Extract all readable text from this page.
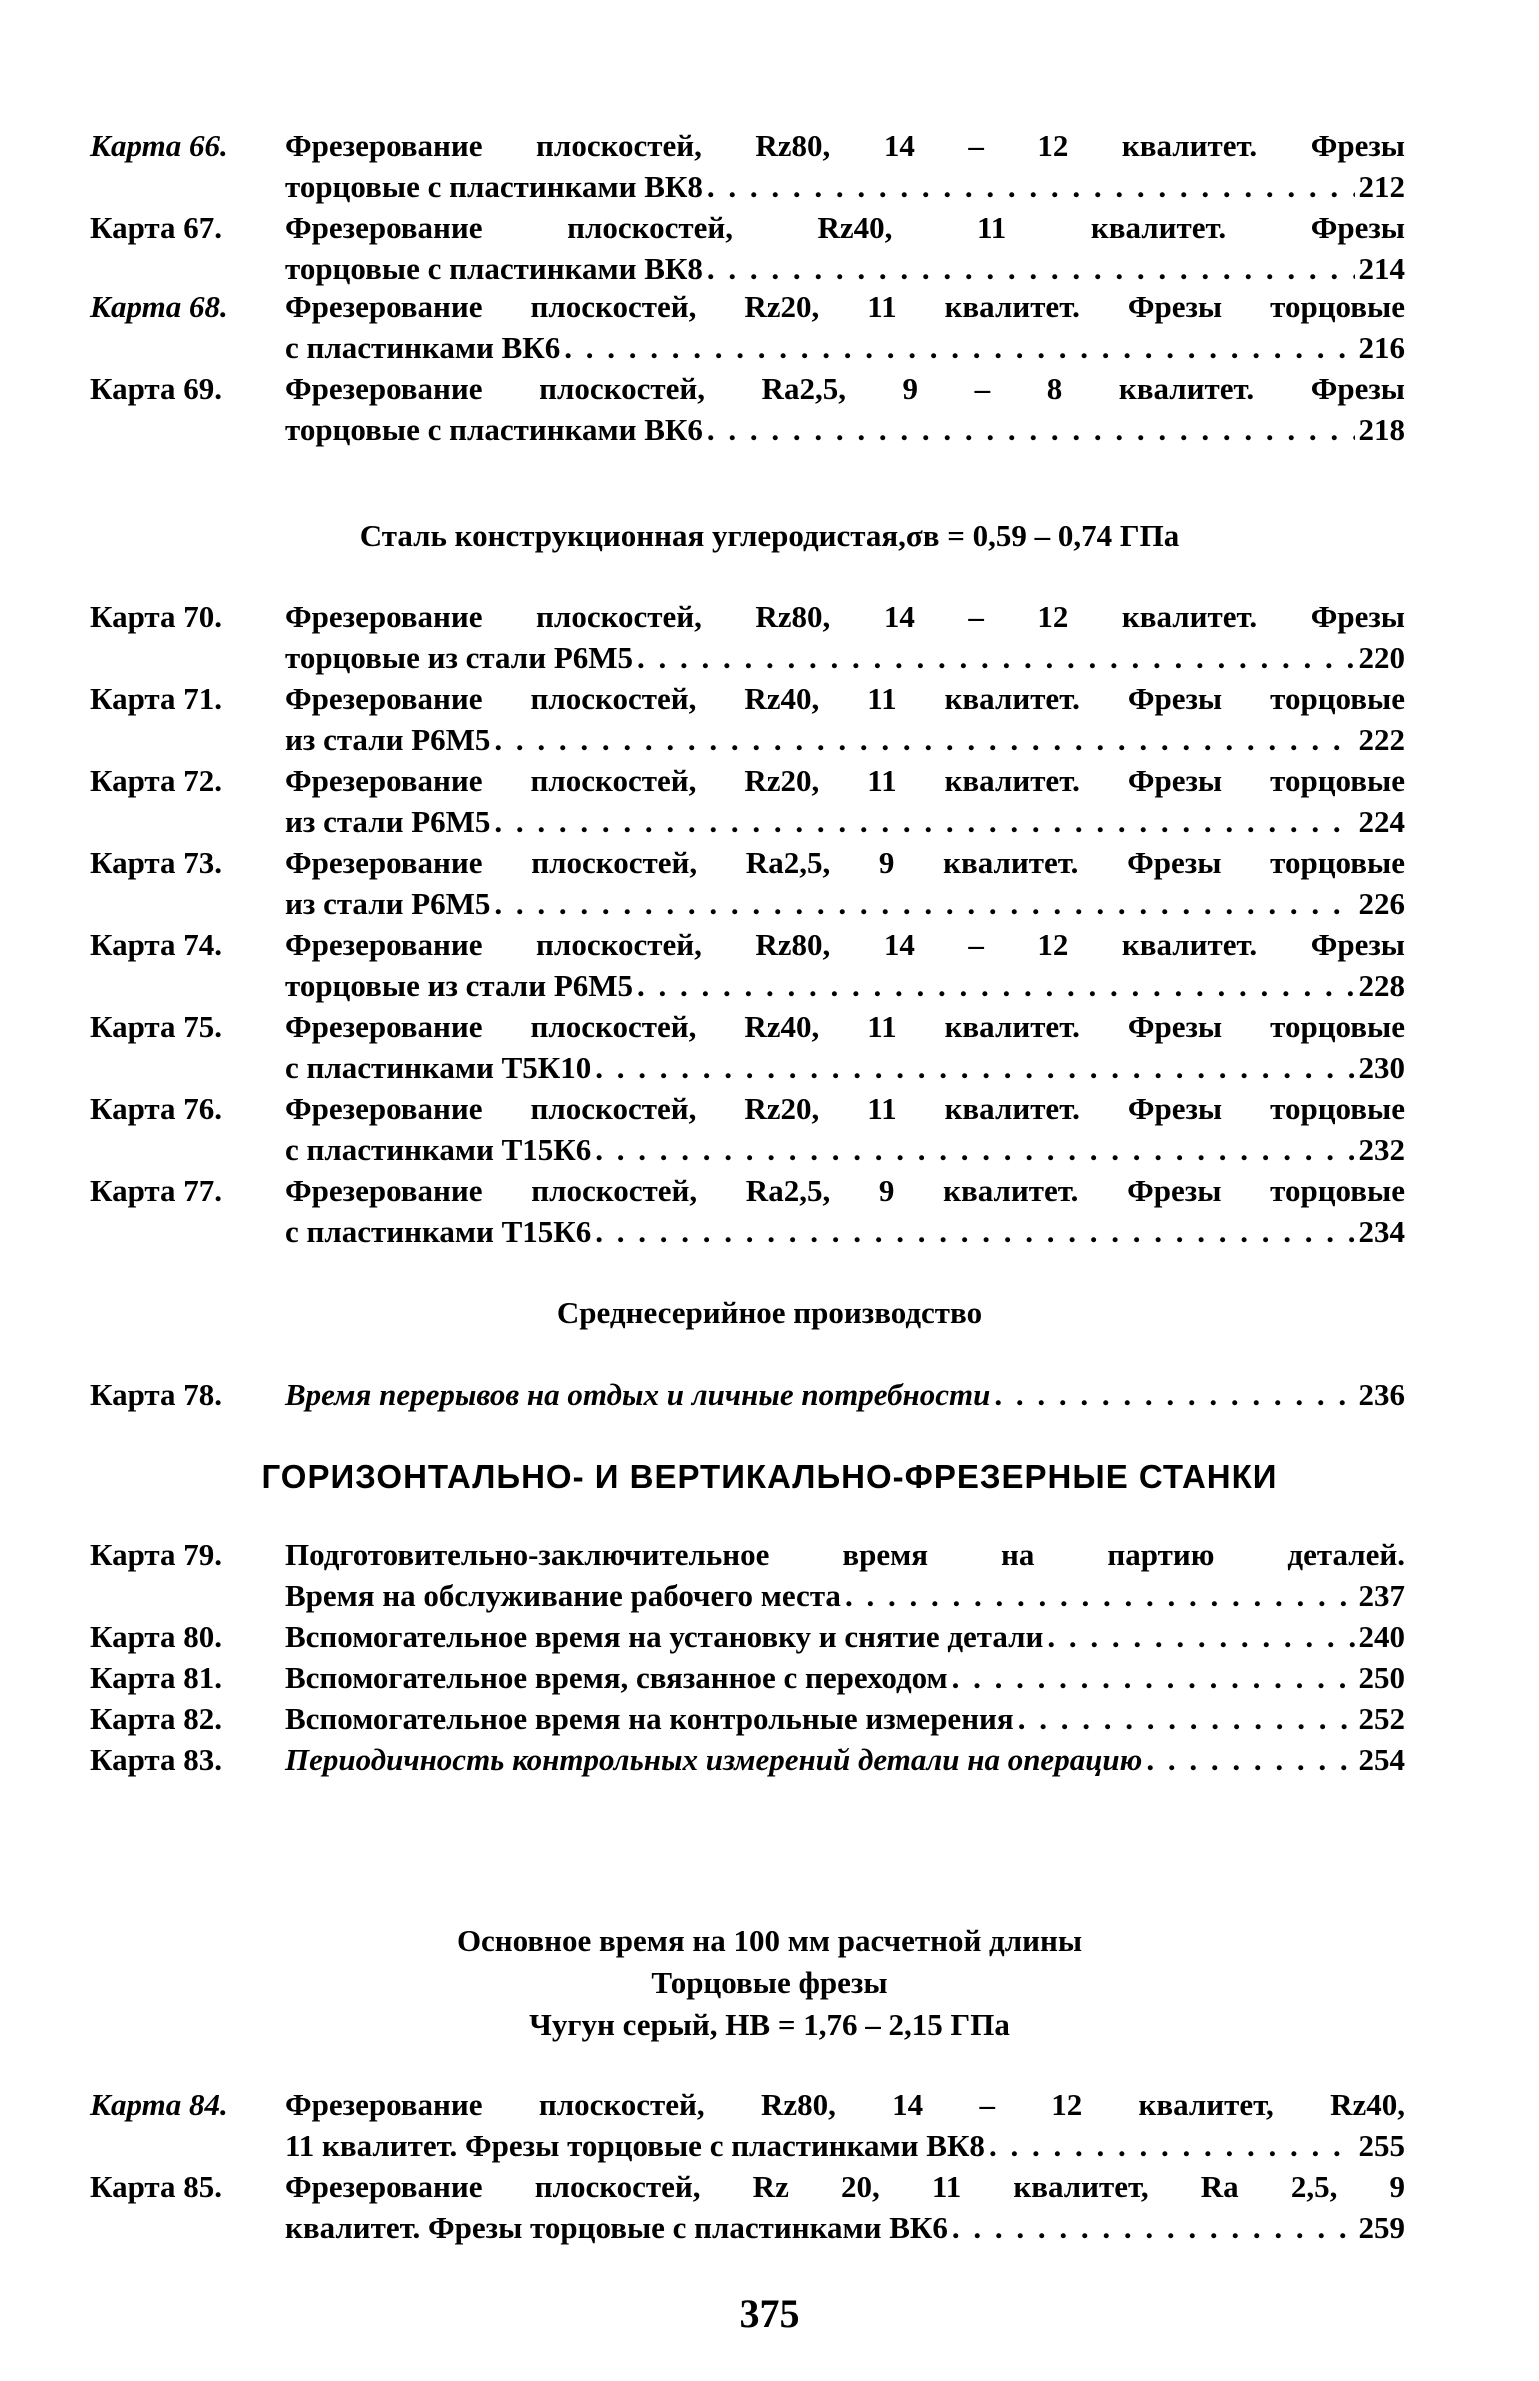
Карта 66. Фрезерование плоскостей, Rz80, 14 – 12 квалитет. Фрезы
торцовые с пластинками ВК8 . . .	212
Карта 67. Фрезерование плоскостей, Rz40, 11 квалитет. Фрезы
торцовые с пластинками ВК8 . . .	214
Карта 68. Фрезерование плоскостей, Rz20, 11 квалитет. Фрезы торцовые
с пластинками ВК6 . . .	216
Карта 69. Фрезерование плоскостей, Ra2,5, 9 – 8 квалитет. Фрезы
торцовые с пластинками ВК6 . . .	218
Сталь конструкционная углеродистая,σв = 0,59 – 0,74 ГПа
Карта 70. Фрезерование плоскостей, Rz80, 14 – 12 квалитет. Фрезы
торцовые из стали Р6М5 . . .	220
Карта 71. Фрезерование плоскостей, Rz40, 11 квалитет. Фрезы торцовые
из стали Р6М5 . . .	222
Карта 72. Фрезерование плоскостей, Rz20, 11 квалитет. Фрезы торцовые
из стали Р6М5 . . .	224
Карта 73. Фрезерование плоскостей, Ra2,5, 9 квалитет. Фрезы торцовые
из стали Р6М5 . . .	226
Карта 74. Фрезерование плоскостей, Rz80, 14 – 12 квалитет. Фрезы
торцовые из стали Р6М5 . . .	228
Карта 75. Фрезерование плоскостей, Rz40, 11 квалитет. Фрезы торцовые
с пластинками Т5К10 . . .	230
Карта 76. Фрезерование плоскостей, Rz20, 11 квалитет. Фрезы торцовые
с пластинками Т15К6 . . .	232
Карта 77. Фрезерование плоскостей, Ra2,5, 9 квалитет. Фрезы торцовые
с пластинками Т15К6 . . .	234
Среднесерийное производство
Карта 78. Время перерывов на отдых и личные потребности . . .	236
ГОРИЗОНТАЛЬНО- И ВЕРТИКАЛЬНО-ФРЕЗЕРНЫЕ СТАНКИ
Карта 79. Подготовительно-заключительное время на партию деталей.
Время на обслуживание рабочего места . . .	237
Карта 80. Вспомогательное время на установку и снятие детали . . .	240
Карта 81. Вспомогательное время, связанное с переходом . . .	250
Карта 82. Вспомогательное время на контрольные измерения . . .	252
Карта 83. Периодичность контрольных измерений детали на операцию . . .	254
Основное время на 100 мм расчетной длины
Торцовые фрезы
Чугун серый, НВ = 1,76 – 2,15 ГПа
Карта 84. Фрезерование плоскостей, Rz80, 14 – 12 квалитет, Rz40,
11 квалитет. Фрезы торцовые с пластинками ВК8 . . .	255
Карта 85. Фрезерование плоскостей, Rz 20, 11 квалитет, Ra 2,5, 9
квалитет. Фрезы торцовые с пластинками ВК6 . . .	259
375
